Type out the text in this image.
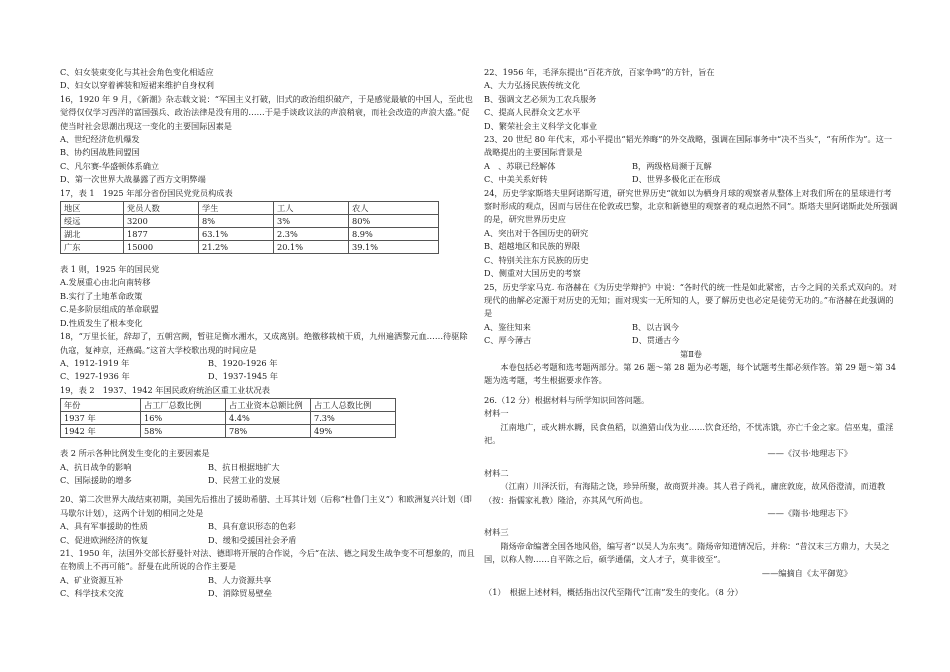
C、妇女装束变化与其社会角色变化相适应

D、妇女以穿着裤装和短裙来维护自身权利

16，1920 年 9 月，《新潮》杂志载文说：“军国主义打破，旧式的政治组织破产，于是感觉最敏的中国人，至此也觉得仅仅学习西洋的富国强兵、政治法律是没有用的……于是手谈政议法的声浪稍衰，而社会改造的声浪大盛。”促使当时社会思潮出现这一变化的主要国际因素是

A、世纪经济危机爆发

B、协约国战胜同盟国

C、凡尔赛-华盛顿体系确立

D、第一次世界大战暴露了西方文明弊端

17，表 1　1925 年部分省份国民党党员构成表

地区	党员人数	学生	工人	农人
绥远	3200	8%	3%	80%
湖北	1877	63.1%	2.3%	8.9%
广东	15000	21.2%	20.1%	39.1%

表 1 则，1925 年的国民党

A.发展重心由北向南转移

B.实行了土地革命政策

C.是多阶层组成的革命联盟

D.性质发生了根本变化

18，“万里长征，辞却了，五朝宫阙，暂驻足衡水湘水，又成离别。绝徼移栽桢干质，九州遍洒黎元血……待驱除仇寇，复神京，还燕碣。”这首大学校歌出现的时间应是

A、1912-1919 年	B、1920-1926 年
C、1927-1936 年	D、1937-1945 年

19，表 2　1937、1942 年国民政府统治区重工业状况表

年份	占工厂总数比例	占工业资本总额比例	占工人总数比例
1937 年	16%	4.4%	7.3%
1942 年	58%	78%	49%

表 2 所示各种比例发生变化的主要因素是

A、抗日战争的影响	B、抗日根据地扩大
C、国际援助的增多	D、民营工业的发展

20、第二次世界大战结束初期，美国先后推出了援助希腊、土耳其计划（后称“杜鲁门主义”）和欧洲复兴计划（即马歇尔计划），这两个计划的相同之处是

A、具有军事援助的性质	B、具有意识形态的色彩
C、促进欧洲经济的恢复	D、缓和受援国社会矛盾

21、1950 年，法国外交部长舒曼针对法、德即将开展的合作说，今后“在法、德之间发生战争变不可想象的，而且在物质上不再可能”。舒曼在此所说的合作主要是

A、矿业资源互补	B、人力资源共享
C、科学技术交流	D、消除贸易壁垒

22、1956 年，毛泽东提出“百花齐放，百家争鸣”的方针，旨在

A、大力弘扬民族传统文化

B、强调文艺必须为工农兵服务

C、提高人民群众文艺水平

D、繁荣社会主义科学文化事业

23、20 世纪 80 年代末，邓小平提出“韬光养晦”的外交战略，强调在国际事务中“决不当头”，“有所作为”。这一战略提出的主要国际背景是

A　、苏联已经解体	B，两级格局濒于瓦解
C、中美关系好转	D、世界多极化正在形成

24，历史学家斯塔夫里阿诺斯写道，研究世界历史“就如以为栖身月球的观察者从整体上对我们所在的星球进行考察时形成的观点，因而与居住在伦敦或巴黎，北京和新德里的观察者的观点迥然不同”。斯塔夫里阿诺斯此处所强调的是，研究世界历史应

A、突出对于各国历史的研究

B、超越地区和民族的界限

C、特别关注东方民族的历史

D、侧重对大国历史的考察

25，历史学家马克. 布洛赫在《为历史学辩护》中说：“各时代的统一性是如此紧密，古今之间的关系式双向的。对现代的曲解必定源于对历史的无知；面对现实一无所知的人，要了解历史也必定是徒劳无功的。”布洛赫在此强调的是

A、鉴往知来	B、以古讽今
C、厚今薄古	D、贯通古今

第Ⅱ卷

本卷包括必考题和选考题两部分。第 26 题～第 28 题为必考题，每个试题考生都必须作答。第 29 题～第 34 题为选考题，考生根据要求作答。

26.（12 分）根据材料与所学知识回答问题。

材料一

江南地广，或火耕水耨，民食鱼稻，以渔猎山伐为业……饮食还给，不忧冻饿，亦亡千金之家。信巫鬼，重淫祀。

——《汉书·地理志下》

材料二

（江南）川泽沃衍，有海陆之饶，珍异所聚，故商贾并凑。其人君子尚礼，庸庶敦庞，故风俗澄清，而道教（按：指儒家礼教）隆洽，亦其风气所尚也。

——《隋书·地理志下》

材料三

隋炀帝命编著全国各地风俗，编写者“以吴人为东夷”。隋炀帝知道情况后，并称：“昔汉末三方鼎力，大吴之国，以称人物……自平陈之后，硕学通儒，文人才子，莫非彼至”。

——编摘自《太平御览》

（1）　根据上述材料，概括指出汉代至隋代“江南”发生的变化。（8 分）
